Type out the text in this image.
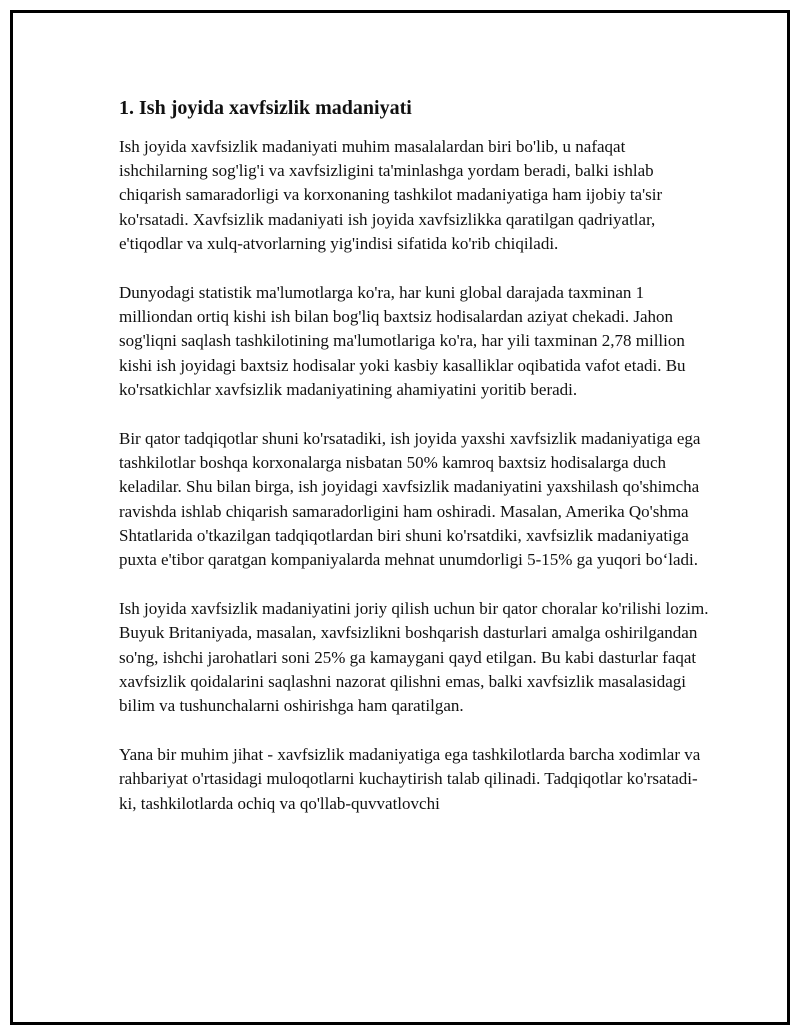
1. Ish joyida xavfsizlik madaniyati

Ish joyida xavfsizlik madaniyati muhim masalalardan biri bo'lib, u nafaqat ishchilarning sog'lig'i va xavfsizligini ta'minlashga yordam beradi, balki ishlab chiqarish samaradorligi va korxonaning tashkilot madaniyatiga ham ijobiy ta'sir ko'rsatadi. Xavfsizlik madaniyati ish joyida xavfsizlikka qaratilgan qadriyatlar, e'tiqodlar va xulq-atvorlarning yig'indisi sifatida ko'rib chiqiladi.

Dunyodagi statistik ma'lumotlarga ko'ra, har kuni global darajada taxminan 1 milliondan ortiq kishi ish bilan bog'liq baxtsiz hodisalardan aziyat chekadi. Jahon sog'liqni saqlash tashkilotining ma'lumotlariga ko'ra, har yili taxminan 2,78 million kishi ish joyidagi baxtsiz hodisalar yoki kasbiy kasalliklar oqibatida vafot etadi. Bu ko'rsatkichlar xavfsizlik madaniyatining ahamiyatini yoritib beradi.

Bir qator tadqiqotlar shuni ko'rsatadiki, ish joyida yaxshi xavfsizlik madaniyatiga ega tashkilotlar boshqa korxonalarga nisbatan 50% kamroq baxtsiz hodisalarga duch keladilar. Shu bilan birga, ish joyidagi xavfsizlik madaniyatini yaxshilash qo'shimcha ravishda ishlab chiqarish samaradorligini ham oshiradi. Masalan, Amerika Qo'shma Shtatlarida o'tkazilgan tadqiqotlardan biri shuni ko'rsatdiki, xavfsizlik madaniyatiga puxta e'tibor qaratgan kompaniyalarda mehnat unumdorligi 5-15% ga yuqori bo‘ladi.

Ish joyida xavfsizlik madaniyatini joriy qilish uchun bir qator choralar ko'rilishi lozim. Buyuk Britaniyada, masalan, xavfsizlikni boshqarish dasturlari amalga oshirilgandan so'ng, ishchi jarohatlari soni 25% ga kamaygani qayd etilgan. Bu kabi dasturlar faqat xavfsizlik qoidalarini saqlashni nazorat qilishni emas, balki xavfsizlik masalasidagi bilim va tushunchalarni oshirishga ham qaratilgan.

Yana bir muhim jihat - xavfsizlik madaniyatiga ega tashkilotlarda barcha xodimlar va rahbariyat o'rtasidagi muloqotlarni kuchaytirish talab qilinadi. Tadqiqotlar ko'rsatadi-ki, tashkilotlarda ochiq va qo'llab-quvvatlovchi
